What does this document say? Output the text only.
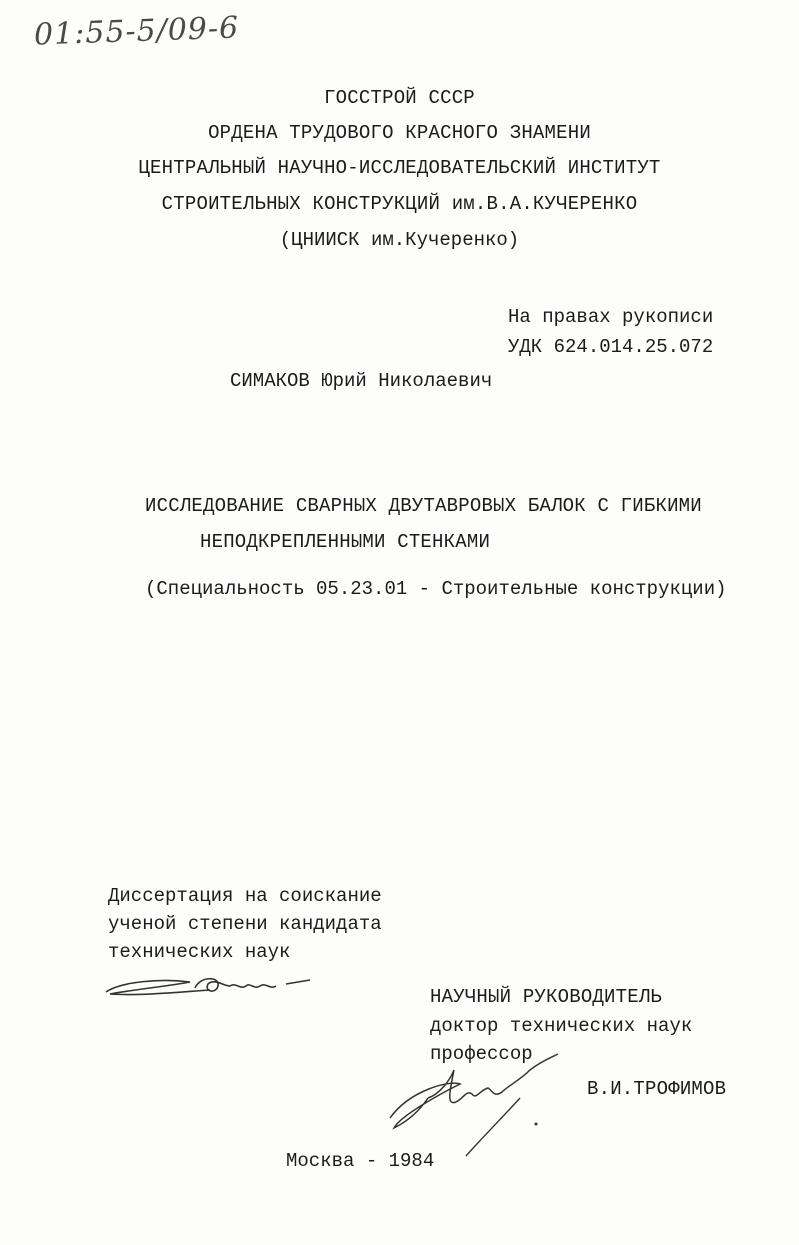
01:55-5/09-6
ГОССТРОЙ СССР
ОРДЕНА ТРУДОВОГО КРАСНОГО ЗНАМЕНИ
ЦЕНТРАЛЬНЫЙ НАУЧНО-ИССЛЕДОВАТЕЛЬСКИЙ ИНСТИТУТ
СТРОИТЕЛЬНЫХ КОНСТРУКЦИЙ им.В.А.КУЧЕРЕНКО
(ЦНИИСК им.Кучеренко)
На правах рукописи
УДК 624.014.25.072
СИМАКОВ Юрий Николаевич
ИССЛЕДОВАНИЕ СВАРНЫХ ДВУТАВРОВЫХ БАЛОК С ГИБКИМИ
НЕПОДКРЕПЛЕННЫМИ СТЕНКАМИ
(Специальность 05.23.01 - Строительные конструкции)
Диссертация на соискание
ученой степени кандидата
технических наук
НАУЧНЫЙ РУКОВОДИТЕЛЬ
доктор технических наук
профессор
В.И.ТРОФИМОВ
Москва - 1984
